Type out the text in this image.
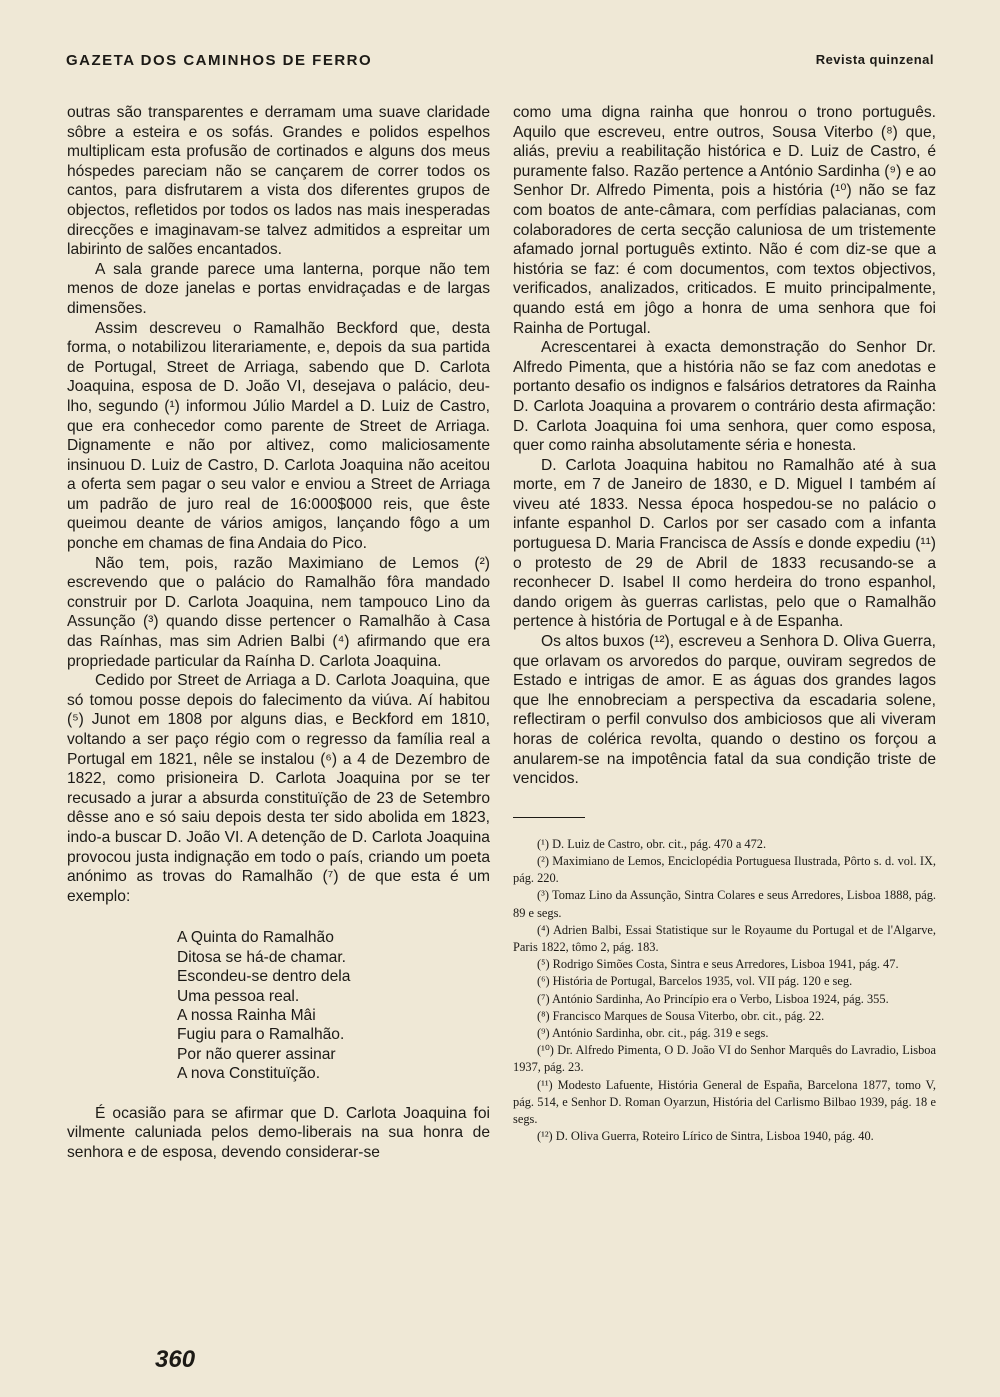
GAZETA DOS CAMINHOS DE FERRO	Revista quinzenal

outras são transparentes e derramam uma suave claridade sôbre a esteira e os sofás. Grandes e polidos espelhos multiplicam esta profusão de cortinados e alguns dos meus hóspedes pareciam não se cançarem de correr todos os cantos, para disfrutarem a vista dos diferentes grupos de objectos, refletidos por todos os lados nas mais inesperadas direcções e imaginavam-se talvez admitidos a espreitar um labirinto de salões encantados.

A sala grande parece uma lanterna, porque não tem menos de doze janelas e portas envidraçadas e de largas dimensões.

Assim descreveu o Ramalhão Beckford que, desta forma, o notabilizou literariamente, e, depois da sua partida de Portugal, Street de Arriaga, sabendo que D. Carlota Joaquina, esposa de D. João VI, desejava o palácio, deu-lho, segundo (¹) informou Júlio Mardel a D. Luiz de Castro, que era conhecedor como parente de Street de Arriaga. Dignamente e não por altivez, como maliciosamente insinuou D. Luiz de Castro, D. Carlota Joaquina não aceitou a oferta sem pagar o seu valor e enviou a Street de Arriaga um padrão de juro real de 16:000$000 reis, que êste queimou deante de vários amigos, lançando fôgo a um ponche em chamas de fina Andaia do Pico.

Não tem, pois, razão Maximiano de Lemos (²) escrevendo que o palácio do Ramalhão fôra mandado construir por D. Carlota Joaquina, nem tampouco Lino da Assunção (³) quando disse pertencer o Ramalhão à Casa das Raínhas, mas sim Adrien Balbi (⁴) afirmando que era propriedade particular da Raínha D. Carlota Joaquina.

Cedido por Street de Arriaga a D. Carlota Joaquina, que só tomou posse depois do falecimento da viúva. Aí habitou (⁵) Junot em 1808 por alguns dias, e Beckford em 1810, voltando a ser paço régio com o regresso da família real a Portugal em 1821, nêle se instalou (⁶) a 4 de Dezembro de 1822, como prisioneira D. Carlota Joaquina por se ter recusado a jurar a absurda constituïção de 23 de Setembro dêsse ano e só saiu depois desta ter sido abolida em 1823, indo-a buscar D. João VI. A detenção de D. Carlota Joaquina provocou justa indignação em todo o país, criando um poeta anónimo as trovas do Ramalhão (⁷) de que esta é um exemplo:

A Quinta do Ramalhão
Ditosa se há-de chamar.
Escondeu-se dentro dela
Uma pessoa real.
A nossa Rainha Mâi
Fugiu para o Ramalhão.
Por não querer assinar
A nova Constituïção.

É ocasião para se afirmar que D. Carlota Joaquina foi vilmente caluniada pelos demo-liberais na sua honra de senhora e de esposa, devendo considerar-se

como uma digna rainha que honrou o trono português. Aquilo que escreveu, entre outros, Sousa Viterbo (⁸) que, aliás, previu a reabilitação histórica e D. Luiz de Castro, é puramente falso. Razão pertence a António Sardinha (⁹) e ao Senhor Dr. Alfredo Pimenta, pois a história (¹⁰) não se faz com boatos de ante-câmara, com perfídias palacianas, com colaboradores de certa secção caluniosa de um tristemente afamado jornal português extinto. Não é com diz-se que a história se faz: é com documentos, com textos objectivos, verificados, analizados, criticados. E muito principalmente, quando está em jôgo a honra de uma senhora que foi Rainha de Portugal.

Acrescentarei à exacta demonstração do Senhor Dr. Alfredo Pimenta, que a história não se faz com anedotas e portanto desafio os indignos e falsários detratores da Rainha D. Carlota Joaquina a provarem o contrário desta afirmação: D. Carlota Joaquina foi uma senhora, quer como esposa, quer como rainha absolutamente séria e honesta.

D. Carlota Joaquina habitou no Ramalhão até à sua morte, em 7 de Janeiro de 1830, e D. Miguel I também aí viveu até 1833. Nessa época hospedou-se no palácio o infante espanhol D. Carlos por ser casado com a infanta portuguesa D. Maria Francisca de Assís e donde expediu (¹¹) o protesto de 29 de Abril de 1833 recusando-se a reconhecer D. Isabel II como herdeira do trono espanhol, dando origem às guerras carlistas, pelo que o Ramalhão pertence à história de Portugal e à de Espanha.

Os altos buxos (¹²), escreveu a Senhora D. Oliva Guerra, que orlavam os arvoredos do parque, ouviram segredos de Estado e intrigas de amor. E as águas dos grandes lagos que lhe ennobreciam a perspectiva da escadaria solene, reflectiram o perfil convulso dos ambiciosos que ali viveram horas de colérica revolta, quando o destino os forçou a anularem-se na impotência fatal da sua condição triste de vencidos.

(¹) D. Luiz de Castro, obr. cit., pág. 470 a 472.
(²) Maximiano de Lemos, Enciclopédia Portuguesa Ilustrada, Pôrto s. d. vol. IX, pág. 220.
(³) Tomaz Lino da Assunção, Sintra Colares e seus Arredores, Lisboa 1888, pág. 89 e segs.
(⁴) Adrien Balbi, Essai Statistique sur le Royaume du Portugal et de l'Algarve, Paris 1822, tômo 2, pág. 183.
(⁵) Rodrigo Simões Costa, Sintra e seus Arredores, Lisboa 1941, pág. 47.
(⁶) História de Portugal, Barcelos 1935, vol. VII pág. 120 e seg.
(⁷) António Sardinha, Ao Princípio era o Verbo, Lisboa 1924, pág. 355.
(⁸) Francisco Marques de Sousa Viterbo, obr. cit., pág. 22.
(⁹) António Sardinha, obr. cit., pág. 319 e segs.
(¹⁰) Dr. Alfredo Pimenta, O D. João VI do Senhor Marquês do Lavradio, Lisboa 1937, pág. 23.
(¹¹) Modesto Lafuente, História General de España, Barcelona 1877, tomo V, pág. 514, e Senhor D. Roman Oyarzun, História del Carlismo Bilbao 1939, pág. 18 e segs.
(¹²) D. Oliva Guerra, Roteiro Lírico de Sintra, Lisboa 1940, pág. 40.
360
